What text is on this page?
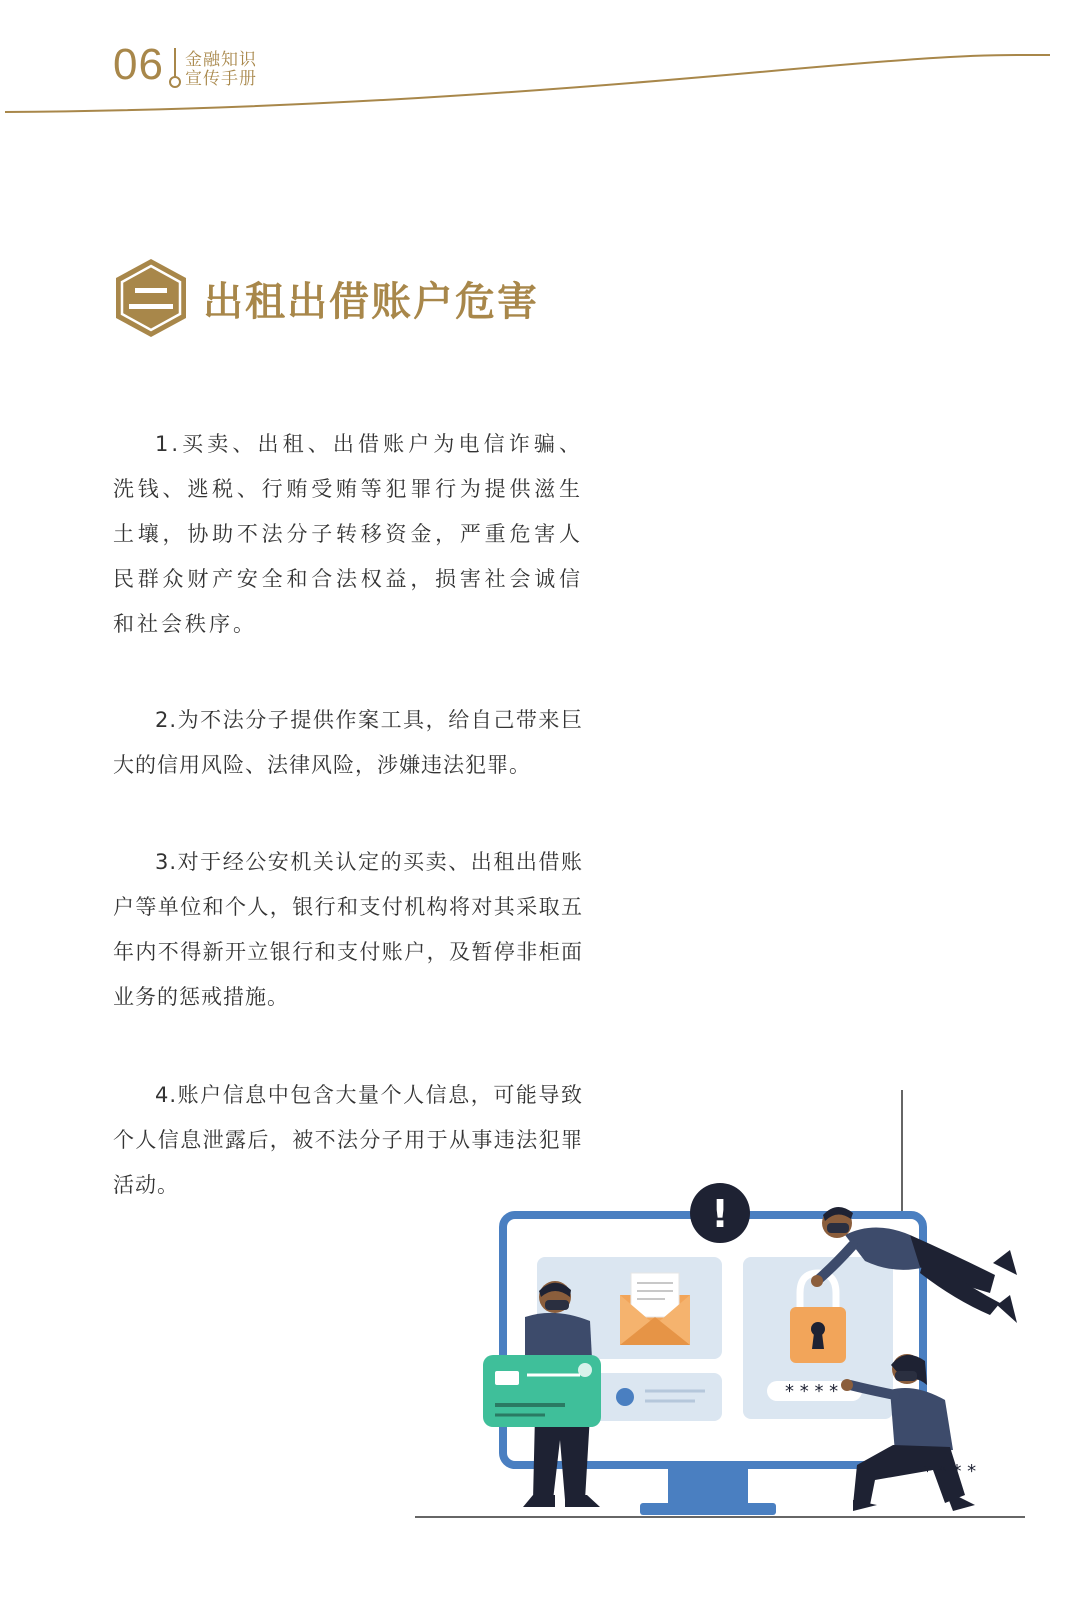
06 金融知识
宣传手册
出租出借账户危害

1.买卖、出租、出借账户为电信诈骗、洗钱、逃税、行贿受贿等犯罪行为提供滋生土壤，协助不法分子转移资金，严重危害人民群众财产安全和合法权益，损害社会诚信和社会秩序。

2.为不法分子提供作案工具，给自己带来巨大的信用风险、法律风险，涉嫌违法犯罪。

3.对于经公安机关认定的买卖、出租出借账户等单位和个人，银行和支付机构将对其采取五年内不得新开立银行和支付账户，及暂停非柜面业务的惩戒措施。

4.账户信息中包含大量个人信息，可能导致个人信息泄露后，被不法分子用于从事违法犯罪活动。

* * * *
!
* * * *
